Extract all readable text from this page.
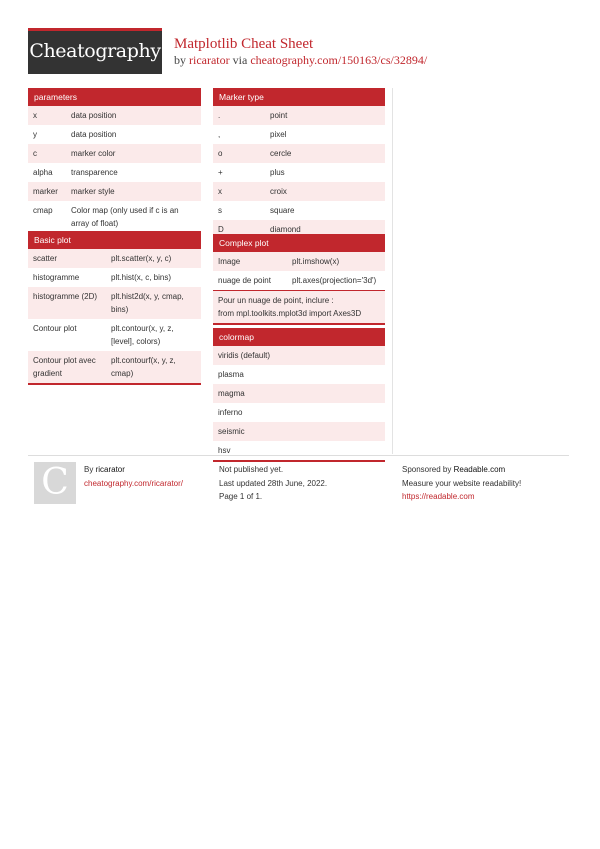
Cheatography Matplotlib Cheat Sheet
by ricarator via cheatography.com/150163/cs/32894/
parameters
x	data position
y	data position
c	marker color
alpha	transparence
marker	marker style
cmap	Color map (only used if c is an array of float)
Basic plot
scatter	plt.scatter(x, y, c)
histogramme	plt.hist(x, c, bins)
histogramme (2D)	plt.hist2d(x, y, cmap, bins)
Contour plot	plt.contour(x, y, z, [level], colors)
Contour plot avec gradient	plt.contourf(x, y, z, cmap)
Marker type
.	point
,	pixel
o	cercle
+	plus
x	croix
s	square
D	diamond
Complex plot
Image	plt.imshow(x)
nuage de point	plt.axes(projection='3d')
Pour un nuage de point, inclure :
from mpl.toolkits.mplot3d import Axes3D
colormap
viridis (default)
plasma
magma
inferno
seismic
hsv
C	By ricarator
cheatography.com/ricarator/
Not published yet.
Last updated 28th June, 2022.
Page 1 of 1.
Sponsored by Readable.com
Measure your website readability!
https://readable.com
